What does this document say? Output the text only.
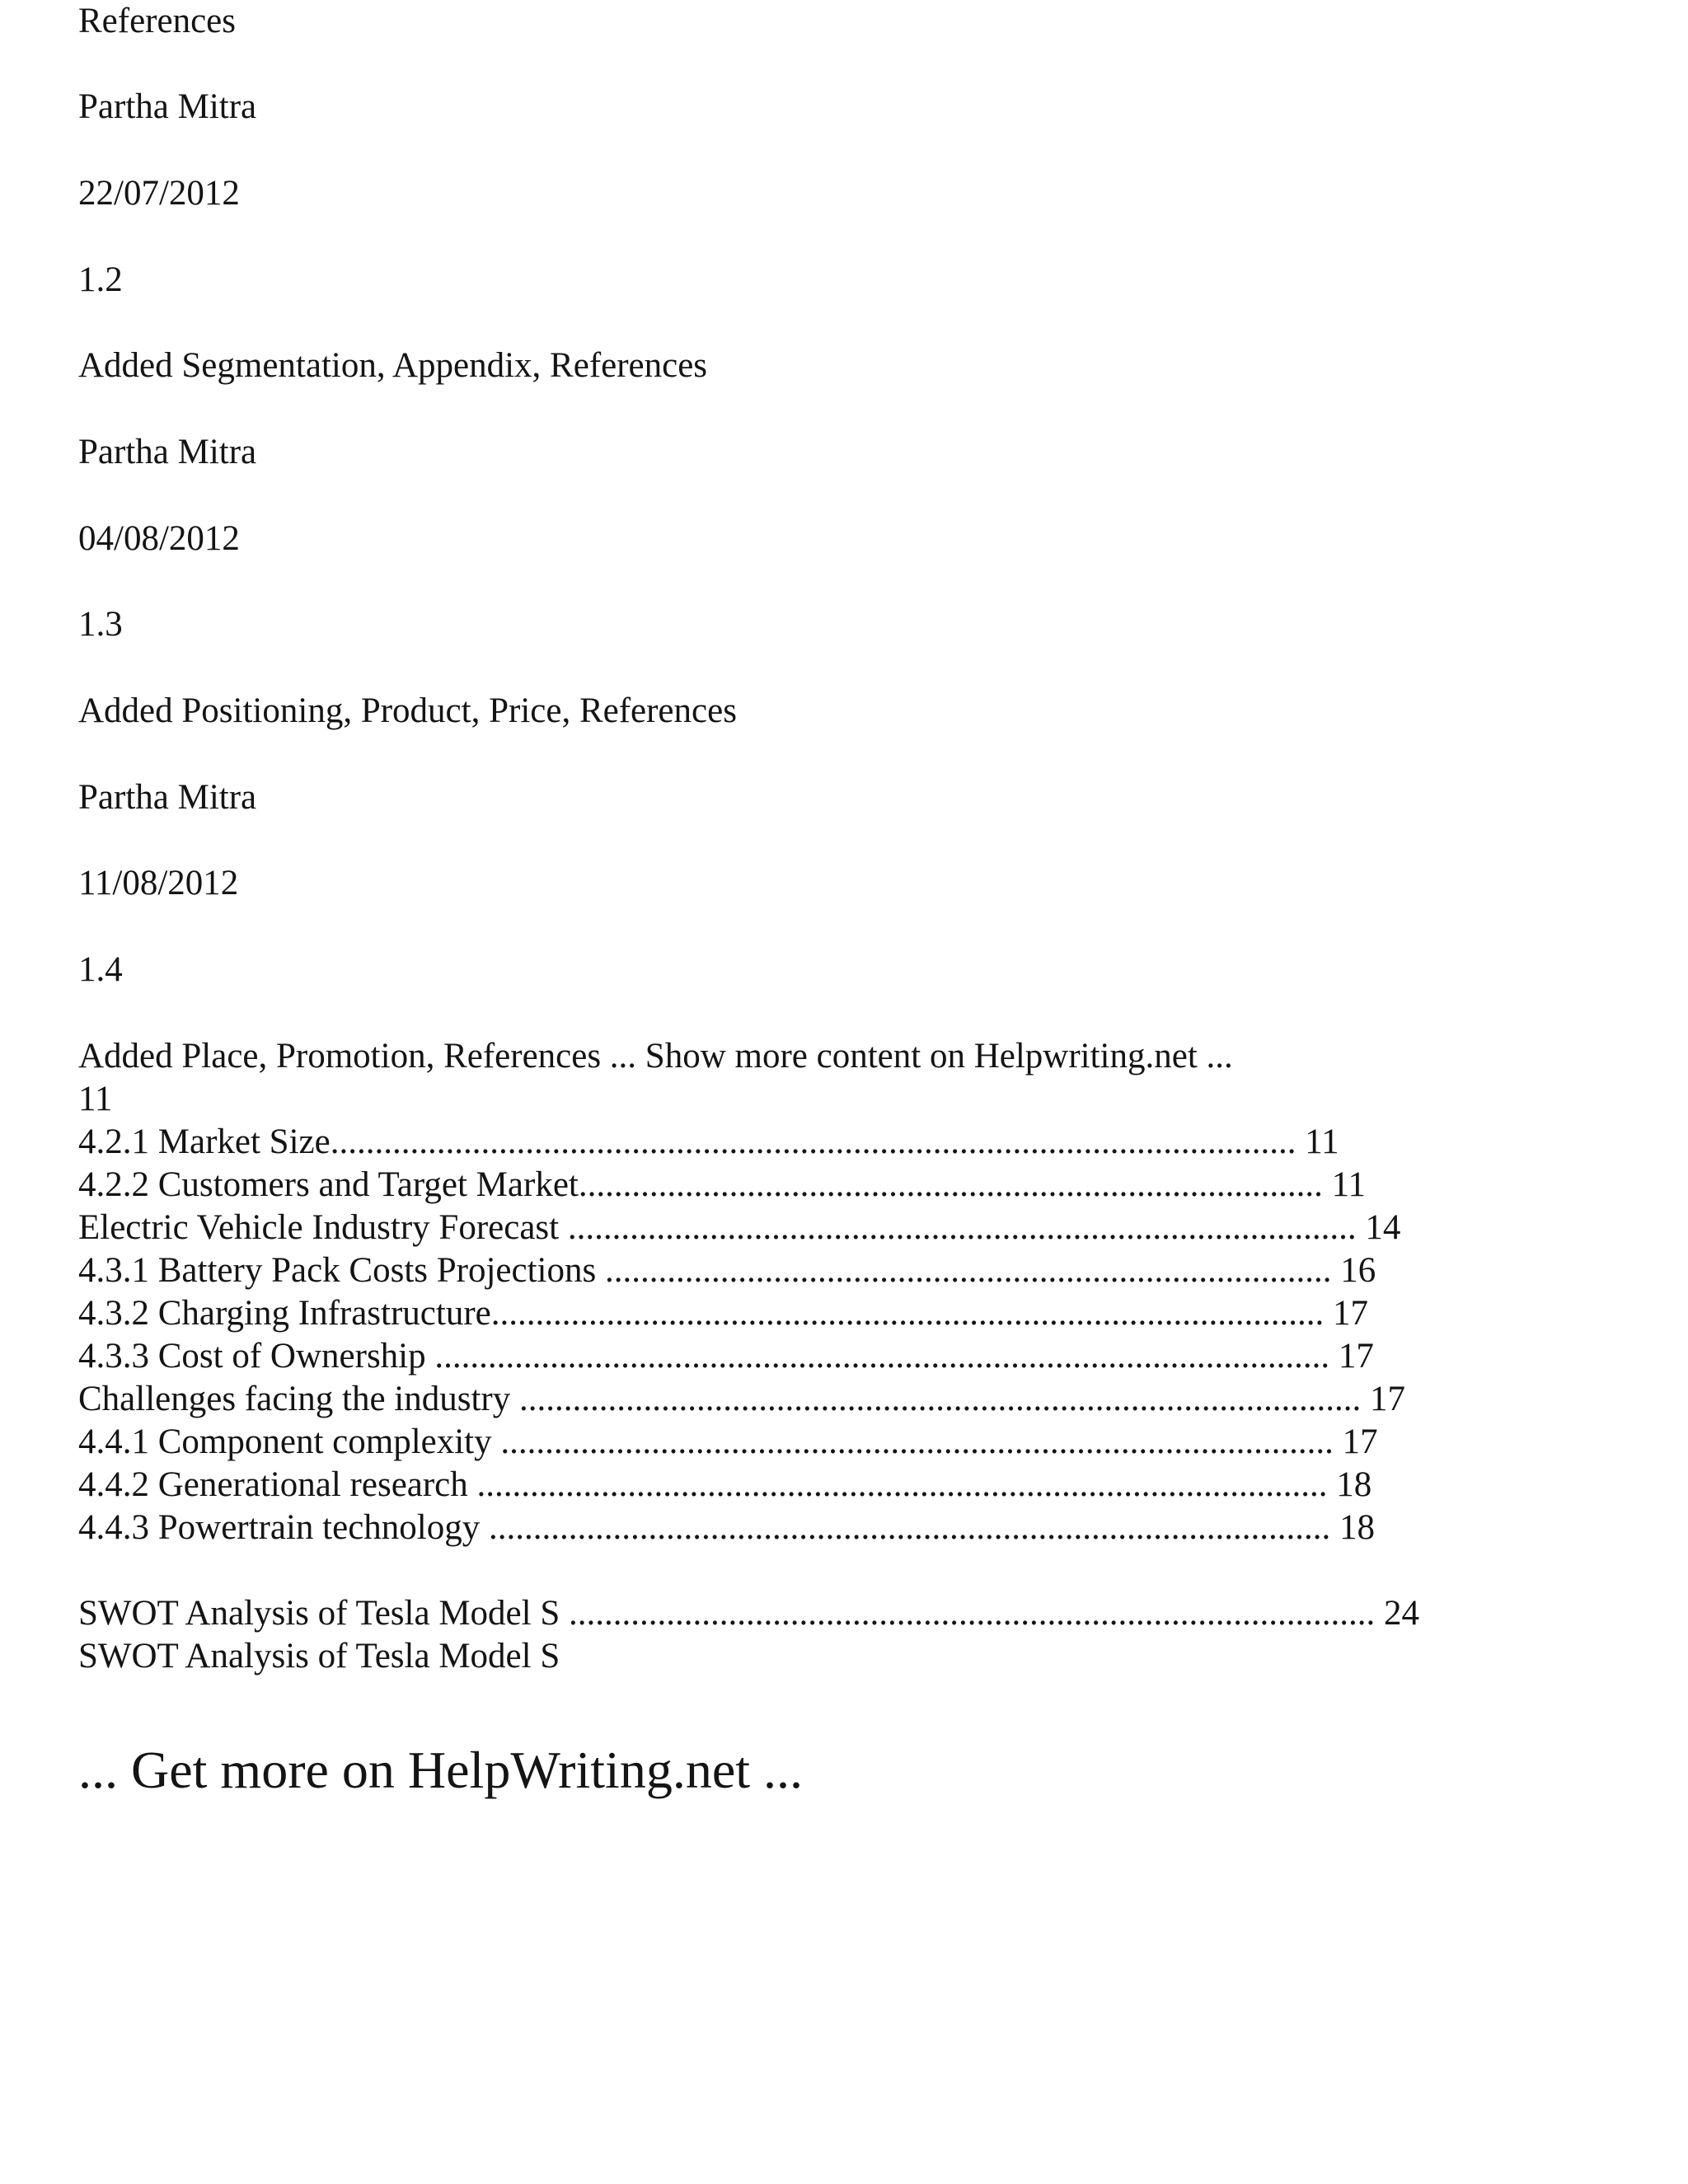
References
Partha Mitra
22/07/2012
1.2
Added Segmentation, Appendix, References
Partha Mitra
04/08/2012
1.3
Added Positioning, Product, Price, References
Partha Mitra
11/08/2012
1.4
Added Place, Promotion, References ... Show more content on Helpwriting.net ...
11
4.2.1 Market Size............................................................................................................. 11
4.2.2 Customers and Target Market.................................................................................... 11
Electric Vehicle Industry Forecast ......................................................................................... 14
4.3.1 Battery Pack Costs Projections .................................................................................. 16
4.3.2 Charging Infrastructure.............................................................................................. 17
4.3.3 Cost of Ownership ..................................................................................................... 17
Challenges facing the industry ............................................................................................... 17
4.4.1 Component complexity .............................................................................................. 17
4.4.2 Generational research ................................................................................................ 18
4.4.3 Powertrain technology ............................................................................................... 18
SWOT Analysis of Tesla Model S ........................................................................................... 24
SWOT Analysis of Tesla Model S
... Get more on HelpWriting.net ...
